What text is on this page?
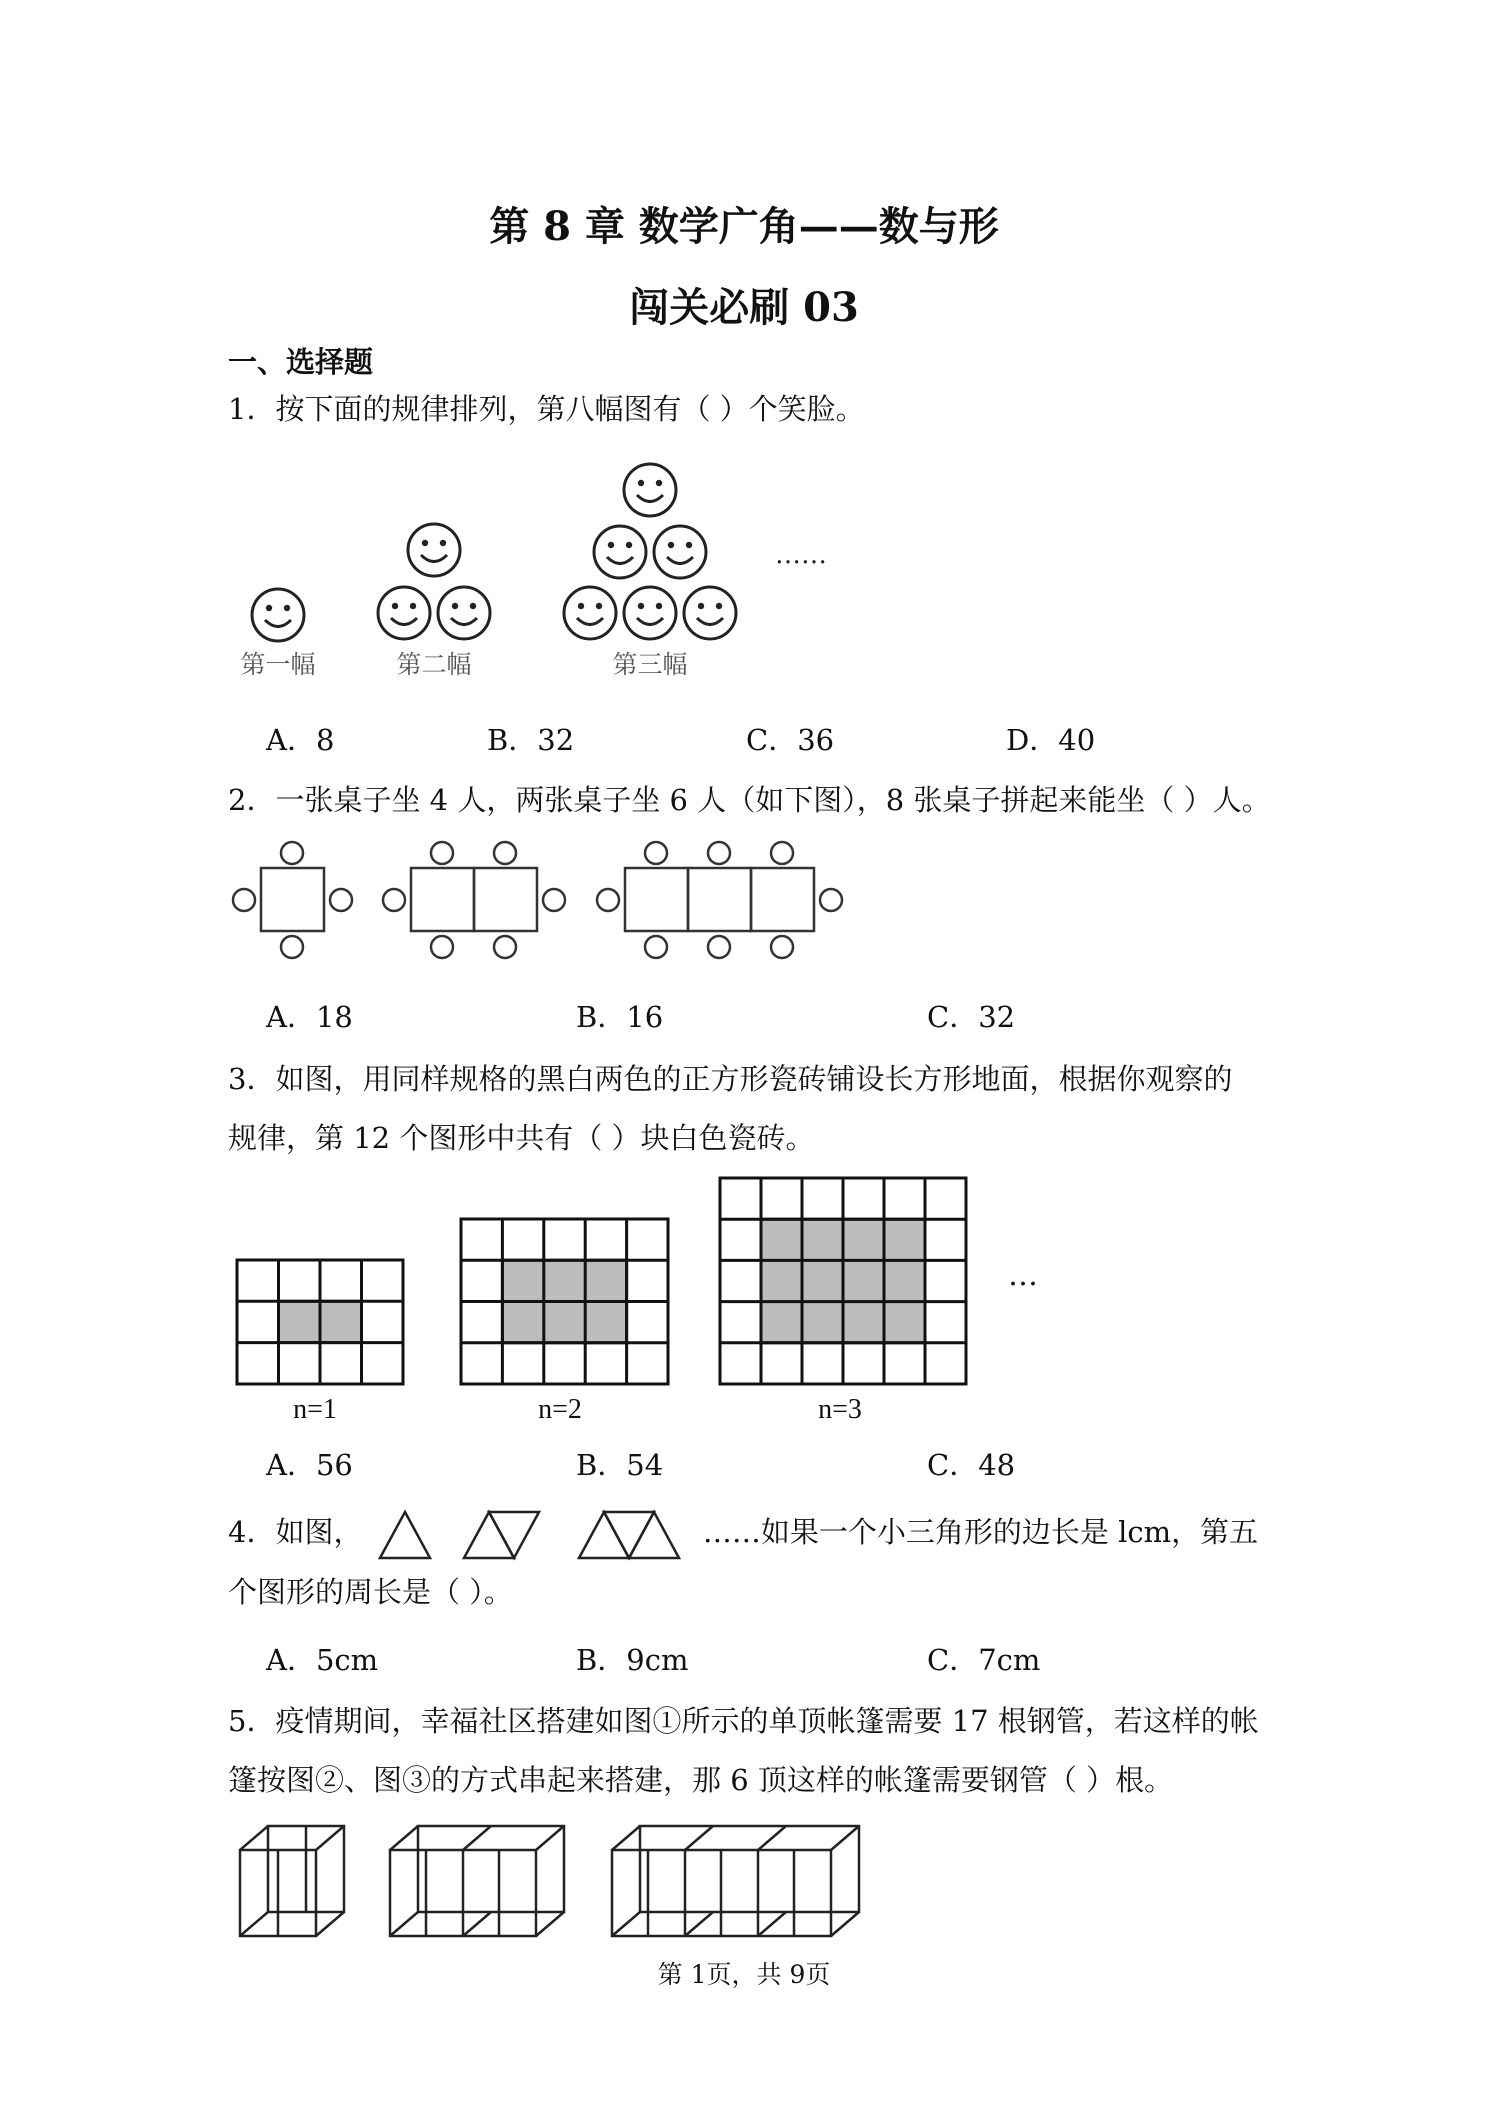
第 8 章 数学广角——数与形
闯关必刷 03
一、选择题
1．按下面的规律排列，第八幅图有（ ）个笑脸。
……
第一幅	第二幅	第三幅
A．8	B．32	C．36	D．40
2．一张桌子坐 4 人，两张桌子坐 6 人（如下图），8 张桌子拼起来能坐（ ）人。
A．18	B．16	C．32
3．如图，用同样规格的黑白两色的正方形瓷砖铺设长方形地面，根据你观察的
规律，第 12 个图形中共有（ ）块白色瓷砖。
…
n=1	n=2	n=3
A．56	B．54	C．48
4．如图，	……如果一个小三角形的边长是 lcm，第五
个图形的周长是（ ）。
A．5cm	B．9cm	C．7cm
5．疫情期间，幸福社区搭建如图①所示的单顶帐篷需要 17 根钢管，若这样的帐
篷按图②、图③的方式串起来搭建，那 6 顶这样的帐篷需要钢管（ ）根。
第 1页，共 9页
